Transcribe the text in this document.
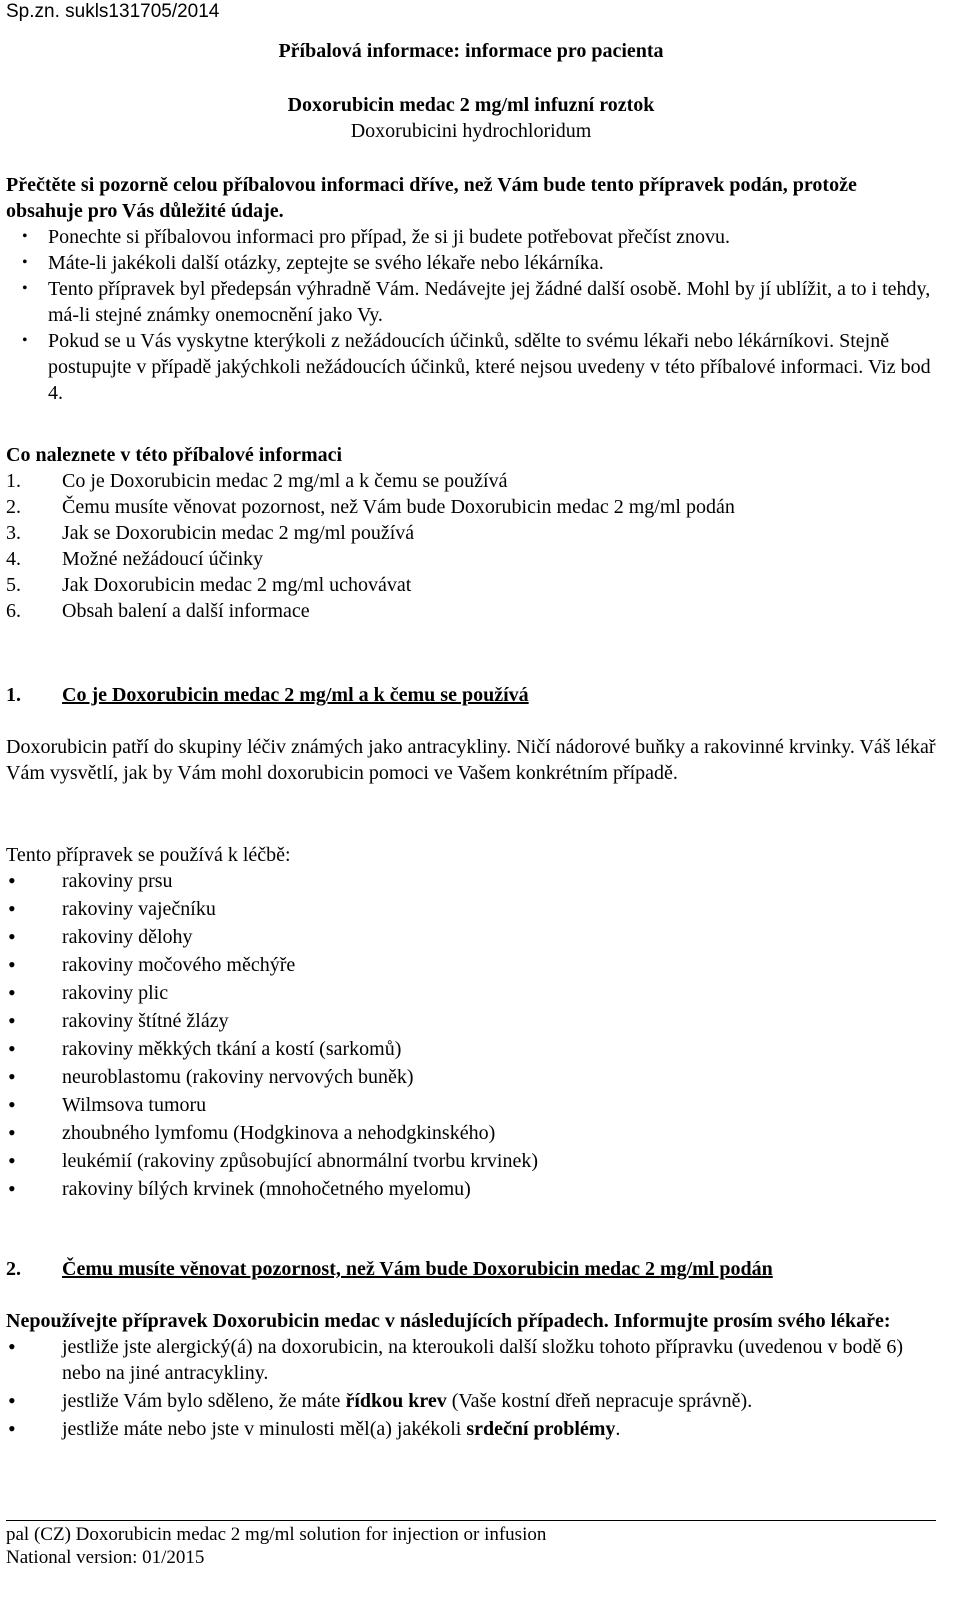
Sp.zn. sukls131705/2014
Příbalová informace: informace pro pacienta
Doxorubicin medac 2 mg/ml infuzní roztok
Doxorubicini hydrochloridum
Přečtěte si pozorně celou příbalovou informaci dříve, než Vám bude tento přípravek podán, protože obsahuje pro Vás důležité údaje.
• Ponechte si příbalovou informaci pro případ, že si ji budete potřebovat přečíst znovu.
• Máte-li jakékoli další otázky, zeptejte se svého lékaře nebo lékárníka.
• Tento přípravek byl předepsán výhradně Vám. Nedávejte jej žádné další osobě. Mohl by jí ublížit, a to i tehdy, má-li stejné známky onemocnění jako Vy.
• Pokud se u Vás vyskytne kterýkoli z nežádoucích účinků, sdělte to svému lékaři nebo lékárníkovi. Stejně postupujte v případě jakýchkoli nežádoucích účinků, které nejsou uvedeny v této příbalové informaci. Viz bod 4.
Co naleznete v této příbalové informaci
1. Co je Doxorubicin medac 2 mg/ml a k čemu se používá
2. Čemu musíte věnovat pozornost, než Vám bude Doxorubicin medac 2 mg/ml podán
3. Jak se Doxorubicin medac 2 mg/ml používá
4. Možné nežádoucí účinky
5. Jak Doxorubicin medac 2 mg/ml uchovávat
6. Obsah balení a další informace
1. Co je Doxorubicin medac 2 mg/ml a k čemu se používá
Doxorubicin patří do skupiny léčiv známých jako antracykliny. Ničí nádorové buňky a rakovinné krvinky. Váš lékař Vám vysvětlí, jak by Vám mohl doxorubicin pomoci ve Vašem konkrétním případě.
Tento přípravek se používá k léčbě:
• rakoviny prsu
• rakoviny vaječníku
• rakoviny dělohy
• rakoviny močového měchýře
• rakoviny plic
• rakoviny štítné žlázy
• rakoviny měkkých tkání a kostí (sarkomů)
• neuroblastomu (rakoviny nervových buněk)
• Wilmsova tumoru
• zhoubného lymfomu (Hodgkinova a nehodgkinského)
• leukémií (rakoviny způsobující abnormální tvorbu krvinek)
• rakoviny bílých krvinek (mnohočetného myelomu)
2. Čemu musíte věnovat pozornost, než Vám bude Doxorubicin medac 2 mg/ml podán
Nepoužívejte přípravek Doxorubicin medac v následujících případech. Informujte prosím svého lékaře:
• jestliže jste alergický(á) na doxorubicin, na kteroukoli další složku tohoto přípravku (uvedenou v bodě 6) nebo na jiné antracykliny.
• jestliže Vám bylo sděleno, že máte řídkou krev (Vaše kostní dřeň nepracuje správně).
• jestliže máte nebo jste v minulosti měl(a) jakékoli srdeční problémy.
pal (CZ) Doxorubicin medac 2 mg/ml solution for injection or infusion
National version: 01/2015
